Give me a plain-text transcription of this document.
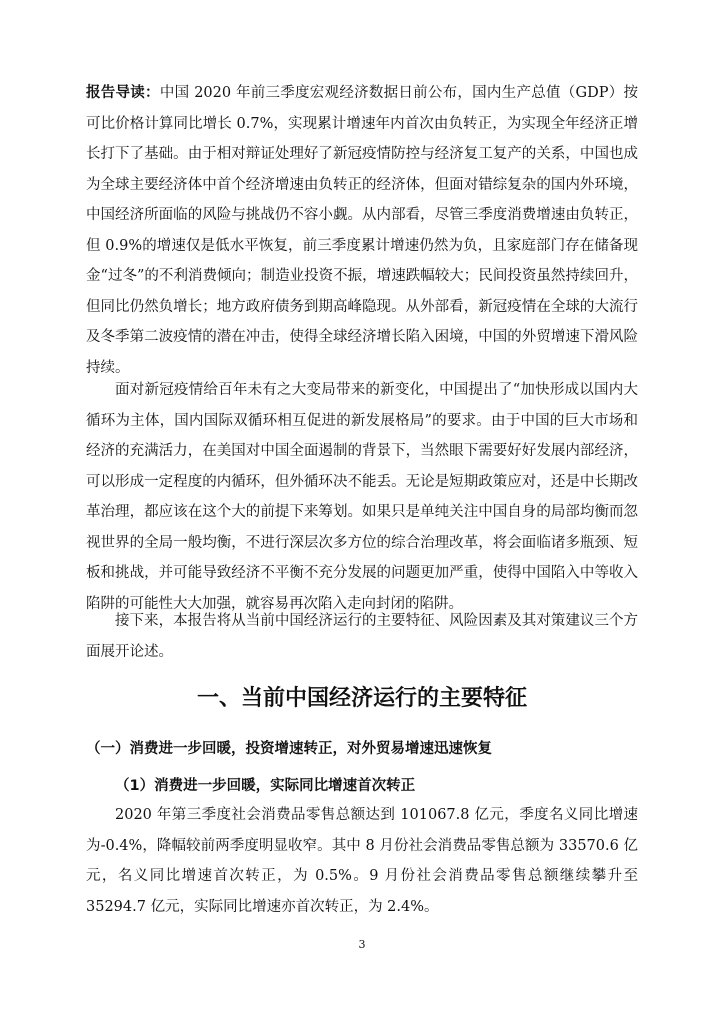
报告导读：中国 2020 年前三季度宏观经济数据日前公布，国内生产总值（GDP）按可比价格计算同比增长 0.7%，实现累计增速年内首次由负转正，为实现全年经济正增长打下了基础。由于相对辩证处理好了新冠疫情防控与经济复工复产的关系，中国也成为全球主要经济体中首个经济增速由负转正的经济体，但面对错综复杂的国内外环境，中国经济所面临的风险与挑战仍不容小觑。从内部看，尽管三季度消费增速由负转正，但 0.9%的增速仅是低水平恢复，前三季度累计增速仍然为负，且家庭部门存在储备现金“过冬”的不利消费倾向；制造业投资不振，增速跌幅较大；民间投资虽然持续回升，但同比仍然负增长；地方政府债务到期高峰隐现。从外部看，新冠疫情在全球的大流行及冬季第二波疫情的潜在冲击，使得全球经济增长陷入困境，中国的外贸增速下滑风险持续。

面对新冠疫情给百年未有之大变局带来的新变化，中国提出了“加快形成以国内大循环为主体，国内国际双循环相互促进的新发展格局”的要求。由于中国的巨大市场和经济的充满活力，在美国对中国全面遏制的背景下，当然眼下需要好好发展内部经济，可以形成一定程度的内循环，但外循环决不能丢。无论是短期政策应对，还是中长期改革治理，都应该在这个大的前提下来筹划。如果只是单纯关注中国自身的局部均衡而忽视世界的全局一般均衡，不进行深层次多方位的综合治理改革，将会面临诸多瓶颈、短板和挑战，并可能导致经济不平衡不充分发展的问题更加严重，使得中国陷入中等收入陷阱的可能性大大加强，就容易再次陷入走向封闭的陷阱。

接下来，本报告将从当前中国经济运行的主要特征、风险因素及其对策建议三个方面展开论述。

一、当前中国经济运行的主要特征
（一）消费进一步回暖，投资增速转正，对外贸易增速迅速恢复
（1）消费进一步回暖，实际同比增速首次转正

2020 年第三季度社会消费品零售总额达到 101067.8 亿元，季度名义同比增速为-0.4%，降幅较前两季度明显收窄。其中 8 月份社会消费品零售总额为 33570.6 亿元，名义同比增速首次转正，为 0.5%。9 月份社会消费品零售总额继续攀升至 35294.7 亿元，实际同比增速亦首次转正，为 2.4%。

3
